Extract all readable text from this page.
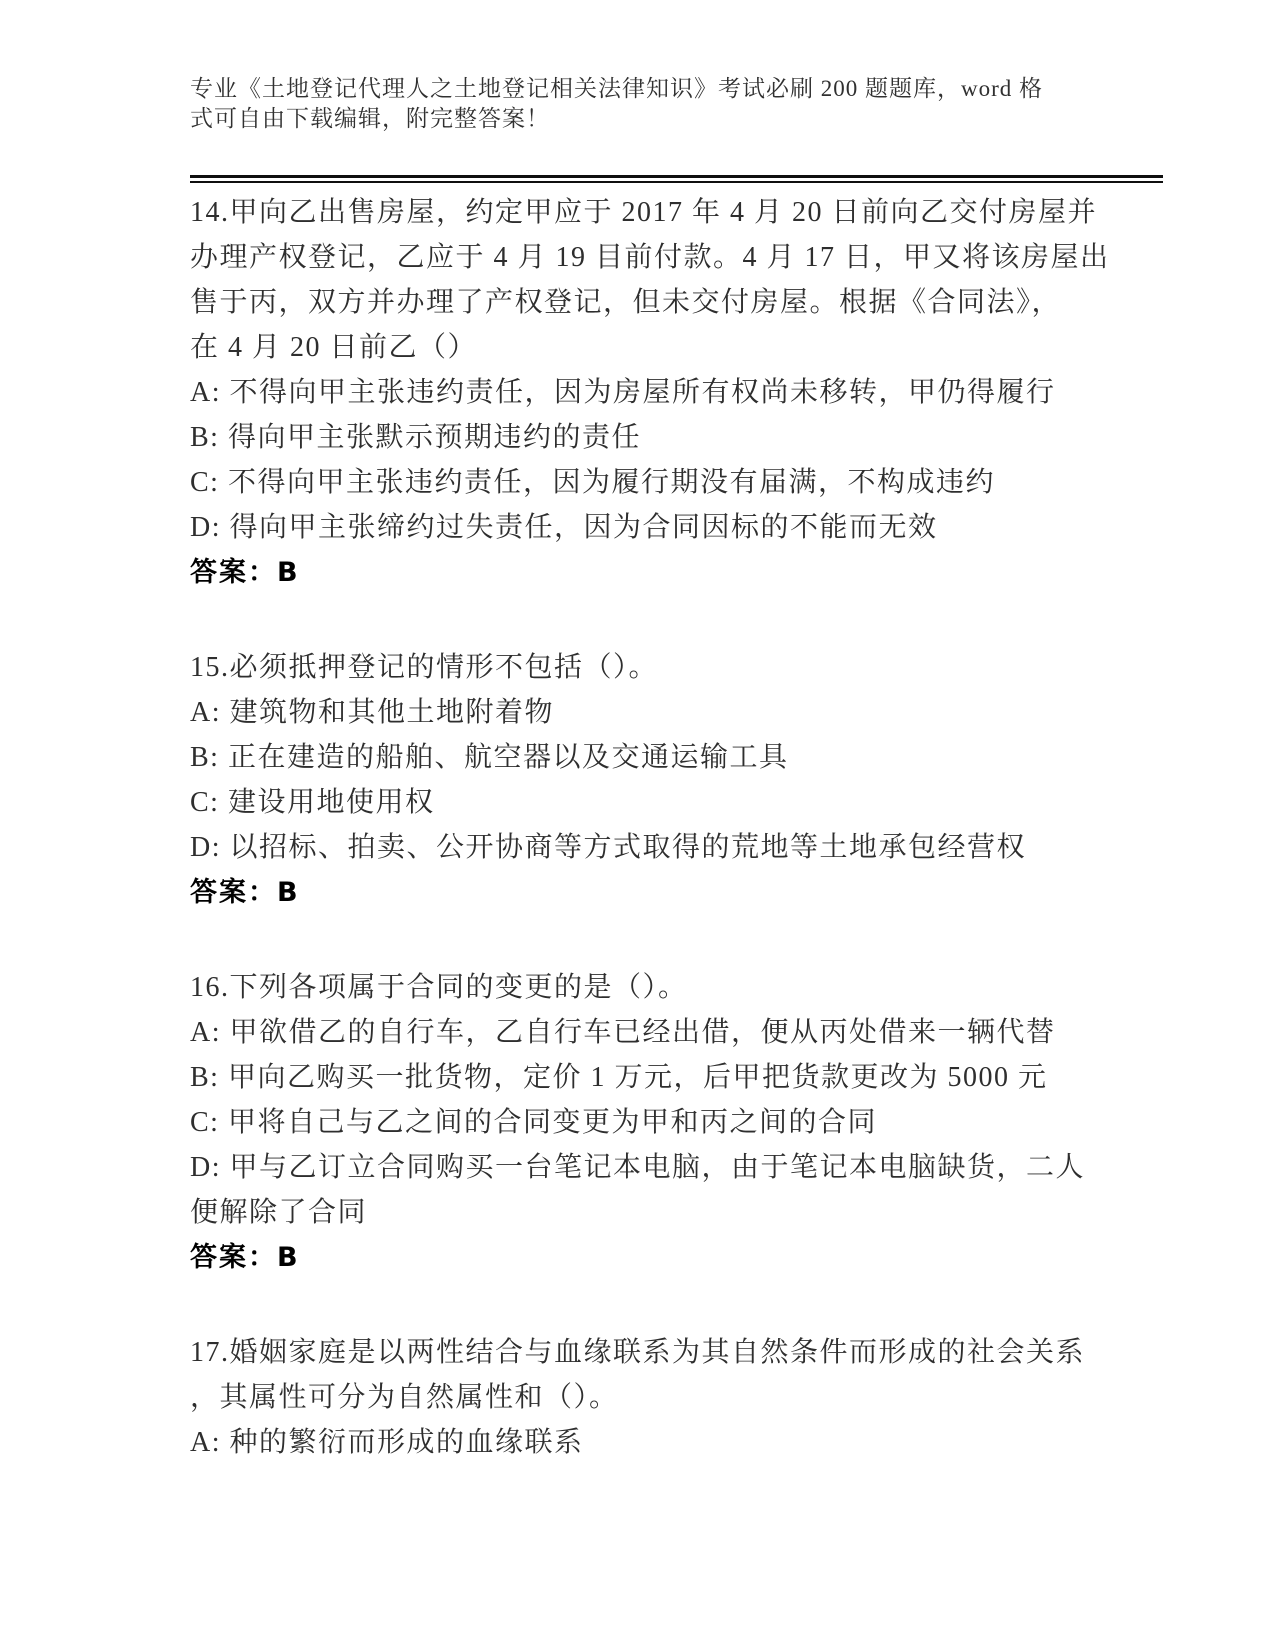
专业《土地登记代理人之土地登记相关法律知识》考试必刷 200 题题库，word 格
式可自由下载编辑，附完整答案！
14.甲向乙出售房屋，约定甲应于 2017 年 4 月 20 日前向乙交付房屋并
办理产权登记，乙应于 4 月 19 目前付款。4 月 17 日，甲又将该房屋出
售于丙，双方并办理了产权登记，但未交付房屋。根据《合同法》，
在 4 月 20 日前乙（）
A: 不得向甲主张违约责任，因为房屋所有权尚未移转，甲仍得履行
B: 得向甲主张默示预期违约的责任
C: 不得向甲主张违约责任，因为履行期没有届满，不构成违约
D: 得向甲主张缔约过失责任，因为合同因标的不能而无效
答案：B
15.必须抵押登记的情形不包括（）。
A: 建筑物和其他土地附着物
B: 正在建造的船舶、航空器以及交通运输工具
C: 建设用地使用权
D: 以招标、拍卖、公开协商等方式取得的荒地等土地承包经营权
答案：B
16.下列各项属于合同的变更的是（）。
A: 甲欲借乙的自行车，乙自行车已经出借，便从丙处借来一辆代替
B: 甲向乙购买一批货物，定价 1 万元，后甲把货款更改为 5000 元
C: 甲将自己与乙之间的合同变更为甲和丙之间的合同
D: 甲与乙订立合同购买一台笔记本电脑，由于笔记本电脑缺货，二人
便解除了合同
答案：B
17.婚姻家庭是以两性结合与血缘联系为其自然条件而形成的社会关系
，其属性可分为自然属性和（）。
A: 种的繁衍而形成的血缘联系
